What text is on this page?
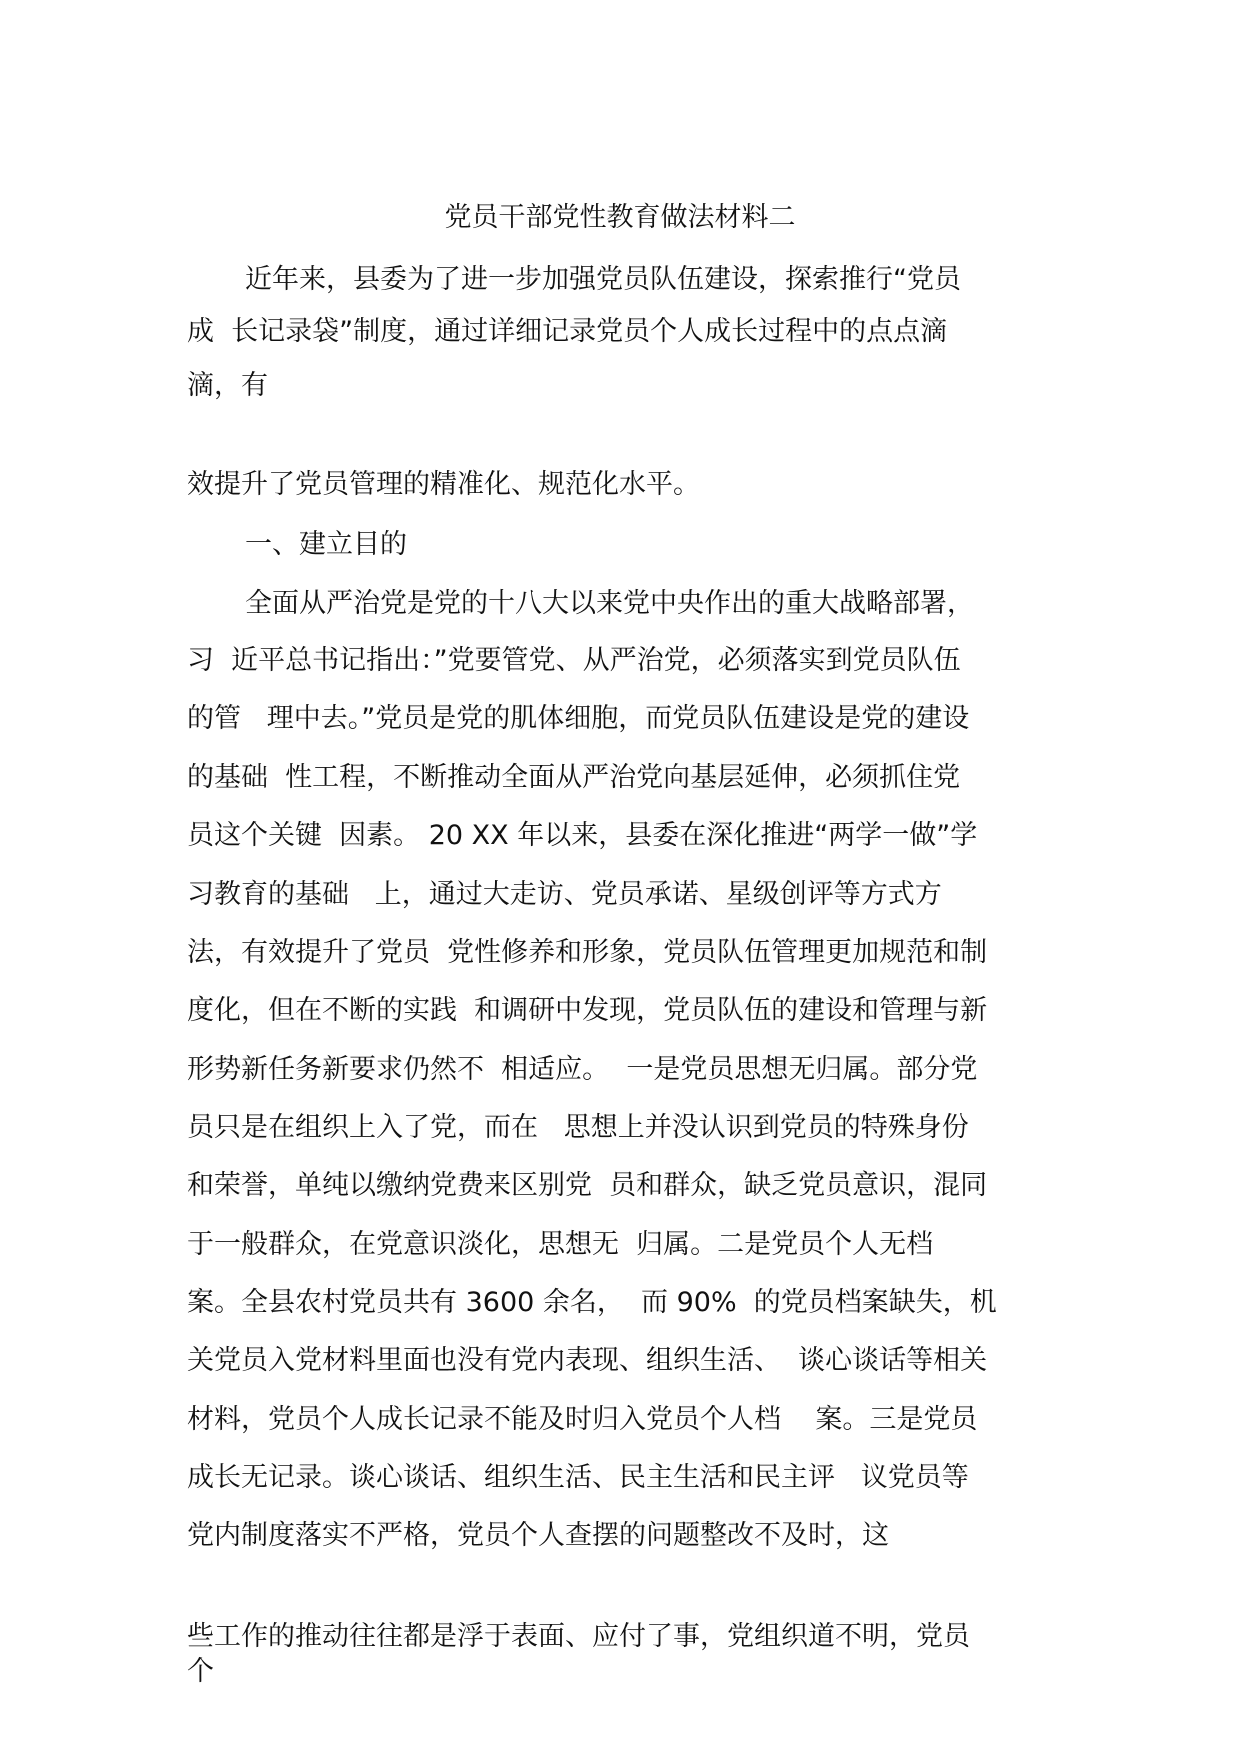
党员干部党性教育做法材料二
近年来，县委为了进一步加强党员队伍建设，探索推行“党员
成  长记录袋”制度，通过详细记录党员个人成长过程中的点点滴
滴，有
效提升了党员管理的精准化、规范化水平。
一、建立目的
全面从严治党是党的十八大以来党中央作出的重大战略部署，
习  近平总书记指出：”党要管党、从严治党，必须落实到党员队伍
的管   理中去。”党员是党的肌体细胞，而党员队伍建设是党的建设
的基础  性工程，不断推动全面从严治党向基层延伸，必须抓住党
员这个关键  因素。 20 XX 年以来，县委在深化推进“两学一做”学
习教育的基础   上，通过大走访、党员承诺、星级创评等方式方
法，有效提升了党员  党性修养和形象，党员队伍管理更加规范和制
度化，但在不断的实践  和调研中发现，党员队伍的建设和管理与新
形势新任务新要求仍然不  相适应。  一是党员思想无归属。部分党
员只是在组织上入了党，而在   思想上并没认识到党员的特殊身份
和荣誉，单纯以缴纳党费来区别党  员和群众，缺乏党员意识，混同
于一般群众，在党意识淡化，思想无  归属。二是党员个人无档
案。全县农村党员共有 3600 余名，  而 90%  的党员档案缺失，机
关党员入党材料里面也没有党内表现、组织生活、  谈心谈话等相关
材料，党员个人成长记录不能及时归入党员个人档    案。三是党员
成长无记录。谈心谈话、组织生活、民主生活和民主评   议党员等
党内制度落实不严格，党员个人查摆的问题整改不及时，这
些工作的推动往往都是浮于表面、应付了事，党组织道不明，党员
个
